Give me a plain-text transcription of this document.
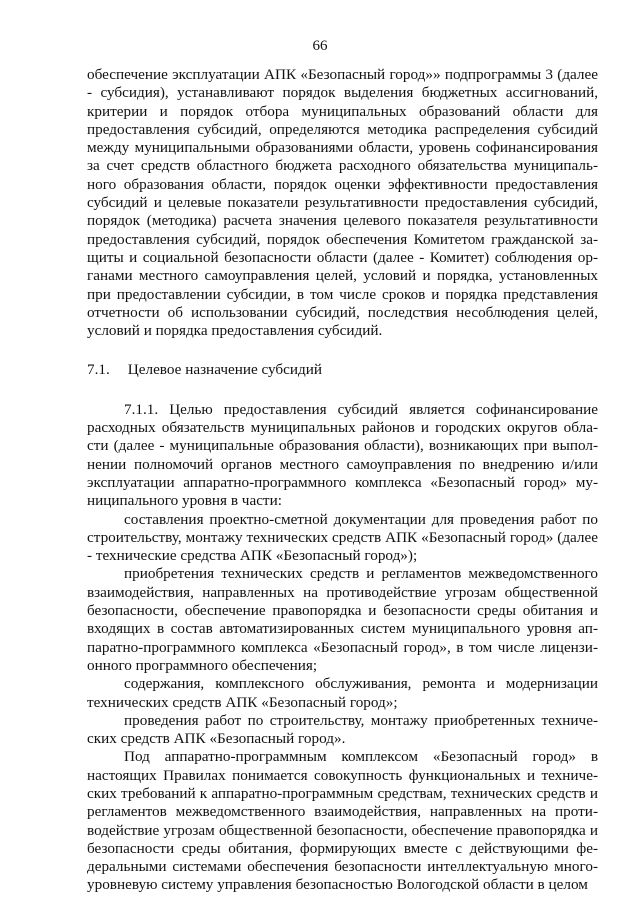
66

обеспечение эксплуатации АПК «Безопасный город»» подпрограммы 3 (далее - субсидия), устанавливают порядок выделения бюджетных ассигнований, критерии и порядок отбора муниципальных образований области для предоставления субсидий, определяются методика распределения субсидий между муниципальными образованиями области, уровень софинансирования за счет средств областного бюджета расходного обязательства муниципального образования области, порядок оценки эффективности предоставления субсидий и целевые показатели результативности предоставления субсидий, порядок (методика) расчета значения целевого показателя результативности предоставления субсидий, порядок обеспечения Комитетом гражданской защиты и социальной безопасности области (далее - Комитет) соблюдения органами местного самоуправления целей, условий и порядка, установленных при предоставлении субсидии, в том числе сроков и порядка представления отчетности об использовании субсидий, последствия несоблюдения целей, условий и порядка предоставления субсидий.

7.1. Целевое назначение субсидий

7.1.1. Целью предоставления субсидий является софинансирование расходных обязательств муниципальных районов и городских округов области (далее - муниципальные образования области), возникающих при выполнении полномочий органов местного самоуправления по внедрению и/или эксплуатации аппаратно-программного комплекса «Безопасный город» муниципального уровня в части:

составления проектно-сметной документации для проведения работ по строительству, монтажу технических средств АПК «Безопасный город» (далее - технические средства АПК «Безопасный город»);

приобретения технических средств и регламентов межведомственного взаимодействия, направленных на противодействие угрозам общественной безопасности, обеспечение правопорядка и безопасности среды обитания и входящих в состав автоматизированных систем муниципального уровня аппаратно-программного комплекса «Безопасный город», в том числе лицензионного программного обеспечения;

содержания, комплексного обслуживания, ремонта и модернизации технических средств АПК «Безопасный город»;

проведения работ по строительству, монтажу приобретенных технических средств АПК «Безопасный город».

Под аппаратно-программным комплексом «Безопасный город» в настоящих Правилах понимается совокупность функциональных и технических требований к аппаратно-программным средствам, технических средств и регламентов межведомственного взаимодействия, направленных на противодействие угрозам общественной безопасности, обеспечение правопорядка и безопасности среды обитания, формирующих вместе с действующими федеральными системами обеспечения безопасности интеллектуальную многоуровневую систему управления безопасностью Вологодской области в целом
